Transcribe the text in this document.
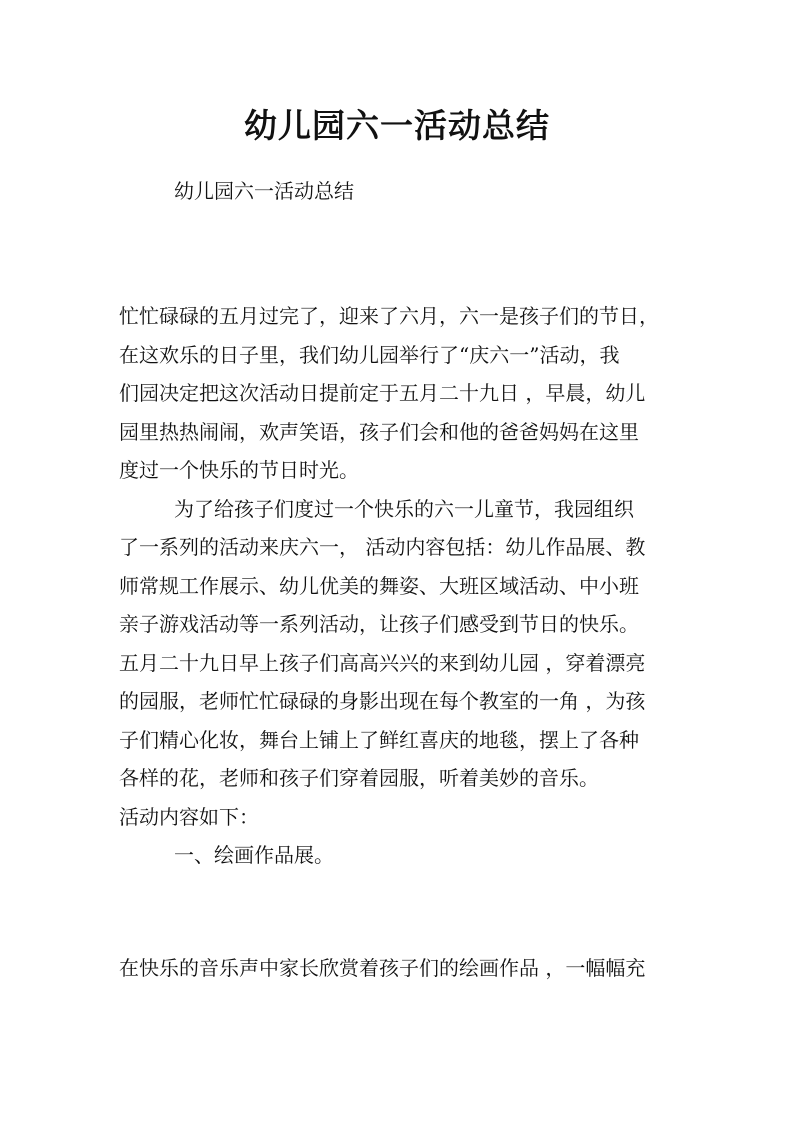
幼儿园六一活动总结

幼儿园六一活动总结

忙忙碌碌的五月过完了，迎来了六月，六一是孩子们的节日，
在这欢乐的日子里，我们幼儿园举行了“庆六一”活动，我
们园决定把这次活动日提前定于五月二十九日 ，早晨，幼儿
园里热热闹闹，欢声笑语，孩子们会和他的爸爸妈妈在这里
度过一个快乐的节日时光。
为了给孩子们度过一个快乐的六一儿童节，我园组织
了一系列的活动来庆六一， 活动内容包括：幼儿作品展、教
师常规工作展示、幼儿优美的舞姿、大班区域活动、中小班
亲子游戏活动等一系列活动，让孩子们感受到节日的快乐。
五月二十九日早上孩子们高高兴兴的来到幼儿园 ，穿着漂亮
的园服，老师忙忙碌碌的身影出现在每个教室的一角 ，为孩
子们精心化妆，舞台上铺上了鲜红喜庆的地毯，摆上了各种
各样的花，老师和孩子们穿着园服，听着美妙的音乐。
活动内容如下：
一、绘画作品展。
在快乐的音乐声中家长欣赏着孩子们的绘画作品 ，一幅幅充
